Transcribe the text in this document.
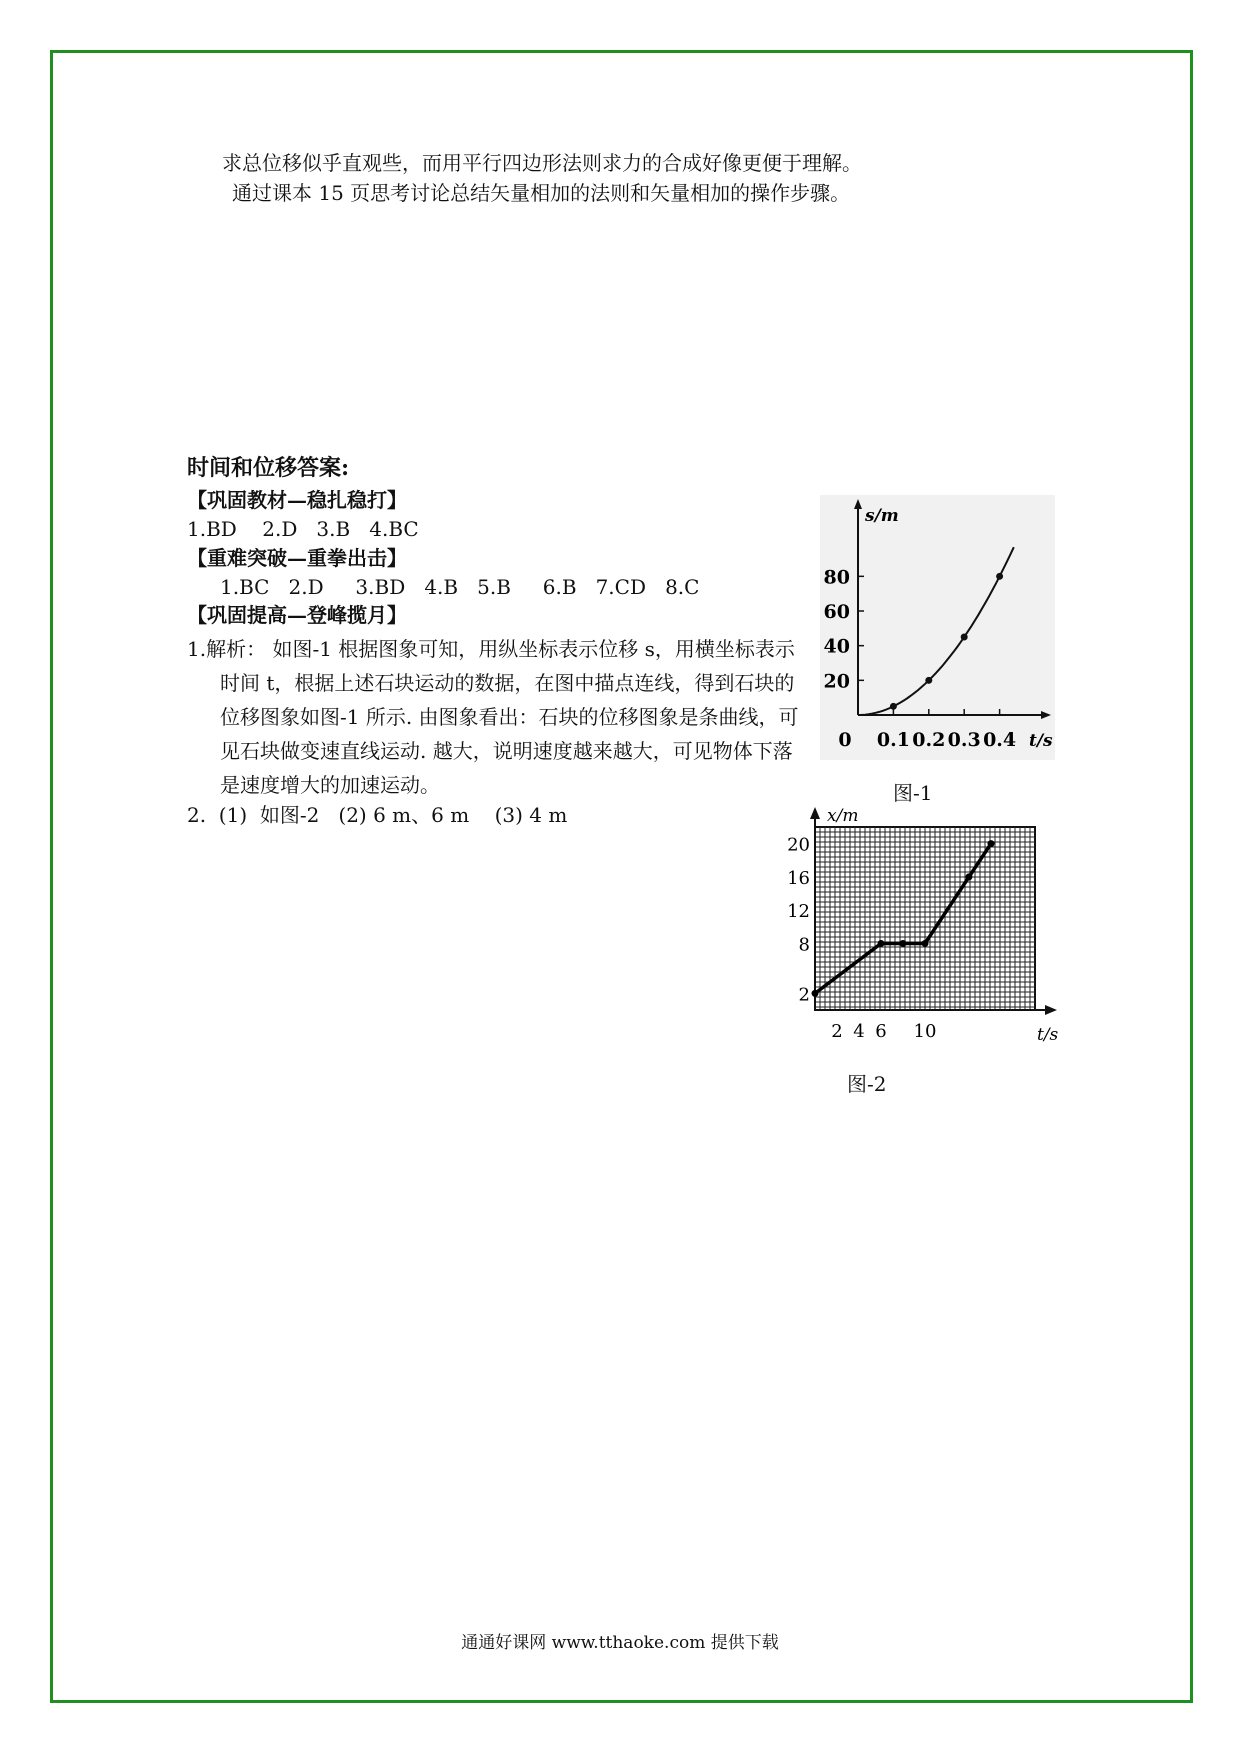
求总位移似乎直观些，而用平行四边形法则求力的合成好像更便于理解。
通过课本 15 页思考讨论总结矢量相加的法则和矢量相加的操作步骤。
时间和位移答案:
【巩固教材—稳扎稳打】
1.BD    2.D   3.B   4.BC
【重难突破—重拳出击】
1.BC   2.D     3.BD   4.B   5.B     6.B   7.CD   8.C
【巩固提高—登峰揽月】

1.解析： 如图-1 根据图象可知，用纵坐标表示位移 s，用横坐标表示时间 t，根据上述石块运动的数据，在图中描点连线，得到石块的位移图象如图-1 所示. 由图象看出：石块的位移图象是条曲线，可见石块做变速直线运动. 越大，说明速度越来越大，可见物体下落是速度增大的加速运动。

2.  (1)  如图-2   (2) 6 m、6 m    (3) 4 m
s/m
t/s
20
40
60
80
0 0.1 0.2 0.3 0.4
图-1
x/m
t/s
2
8
12
16
20
2 4 6 10
图-2
通通好课网 www.tthaoke.com 提供下载
